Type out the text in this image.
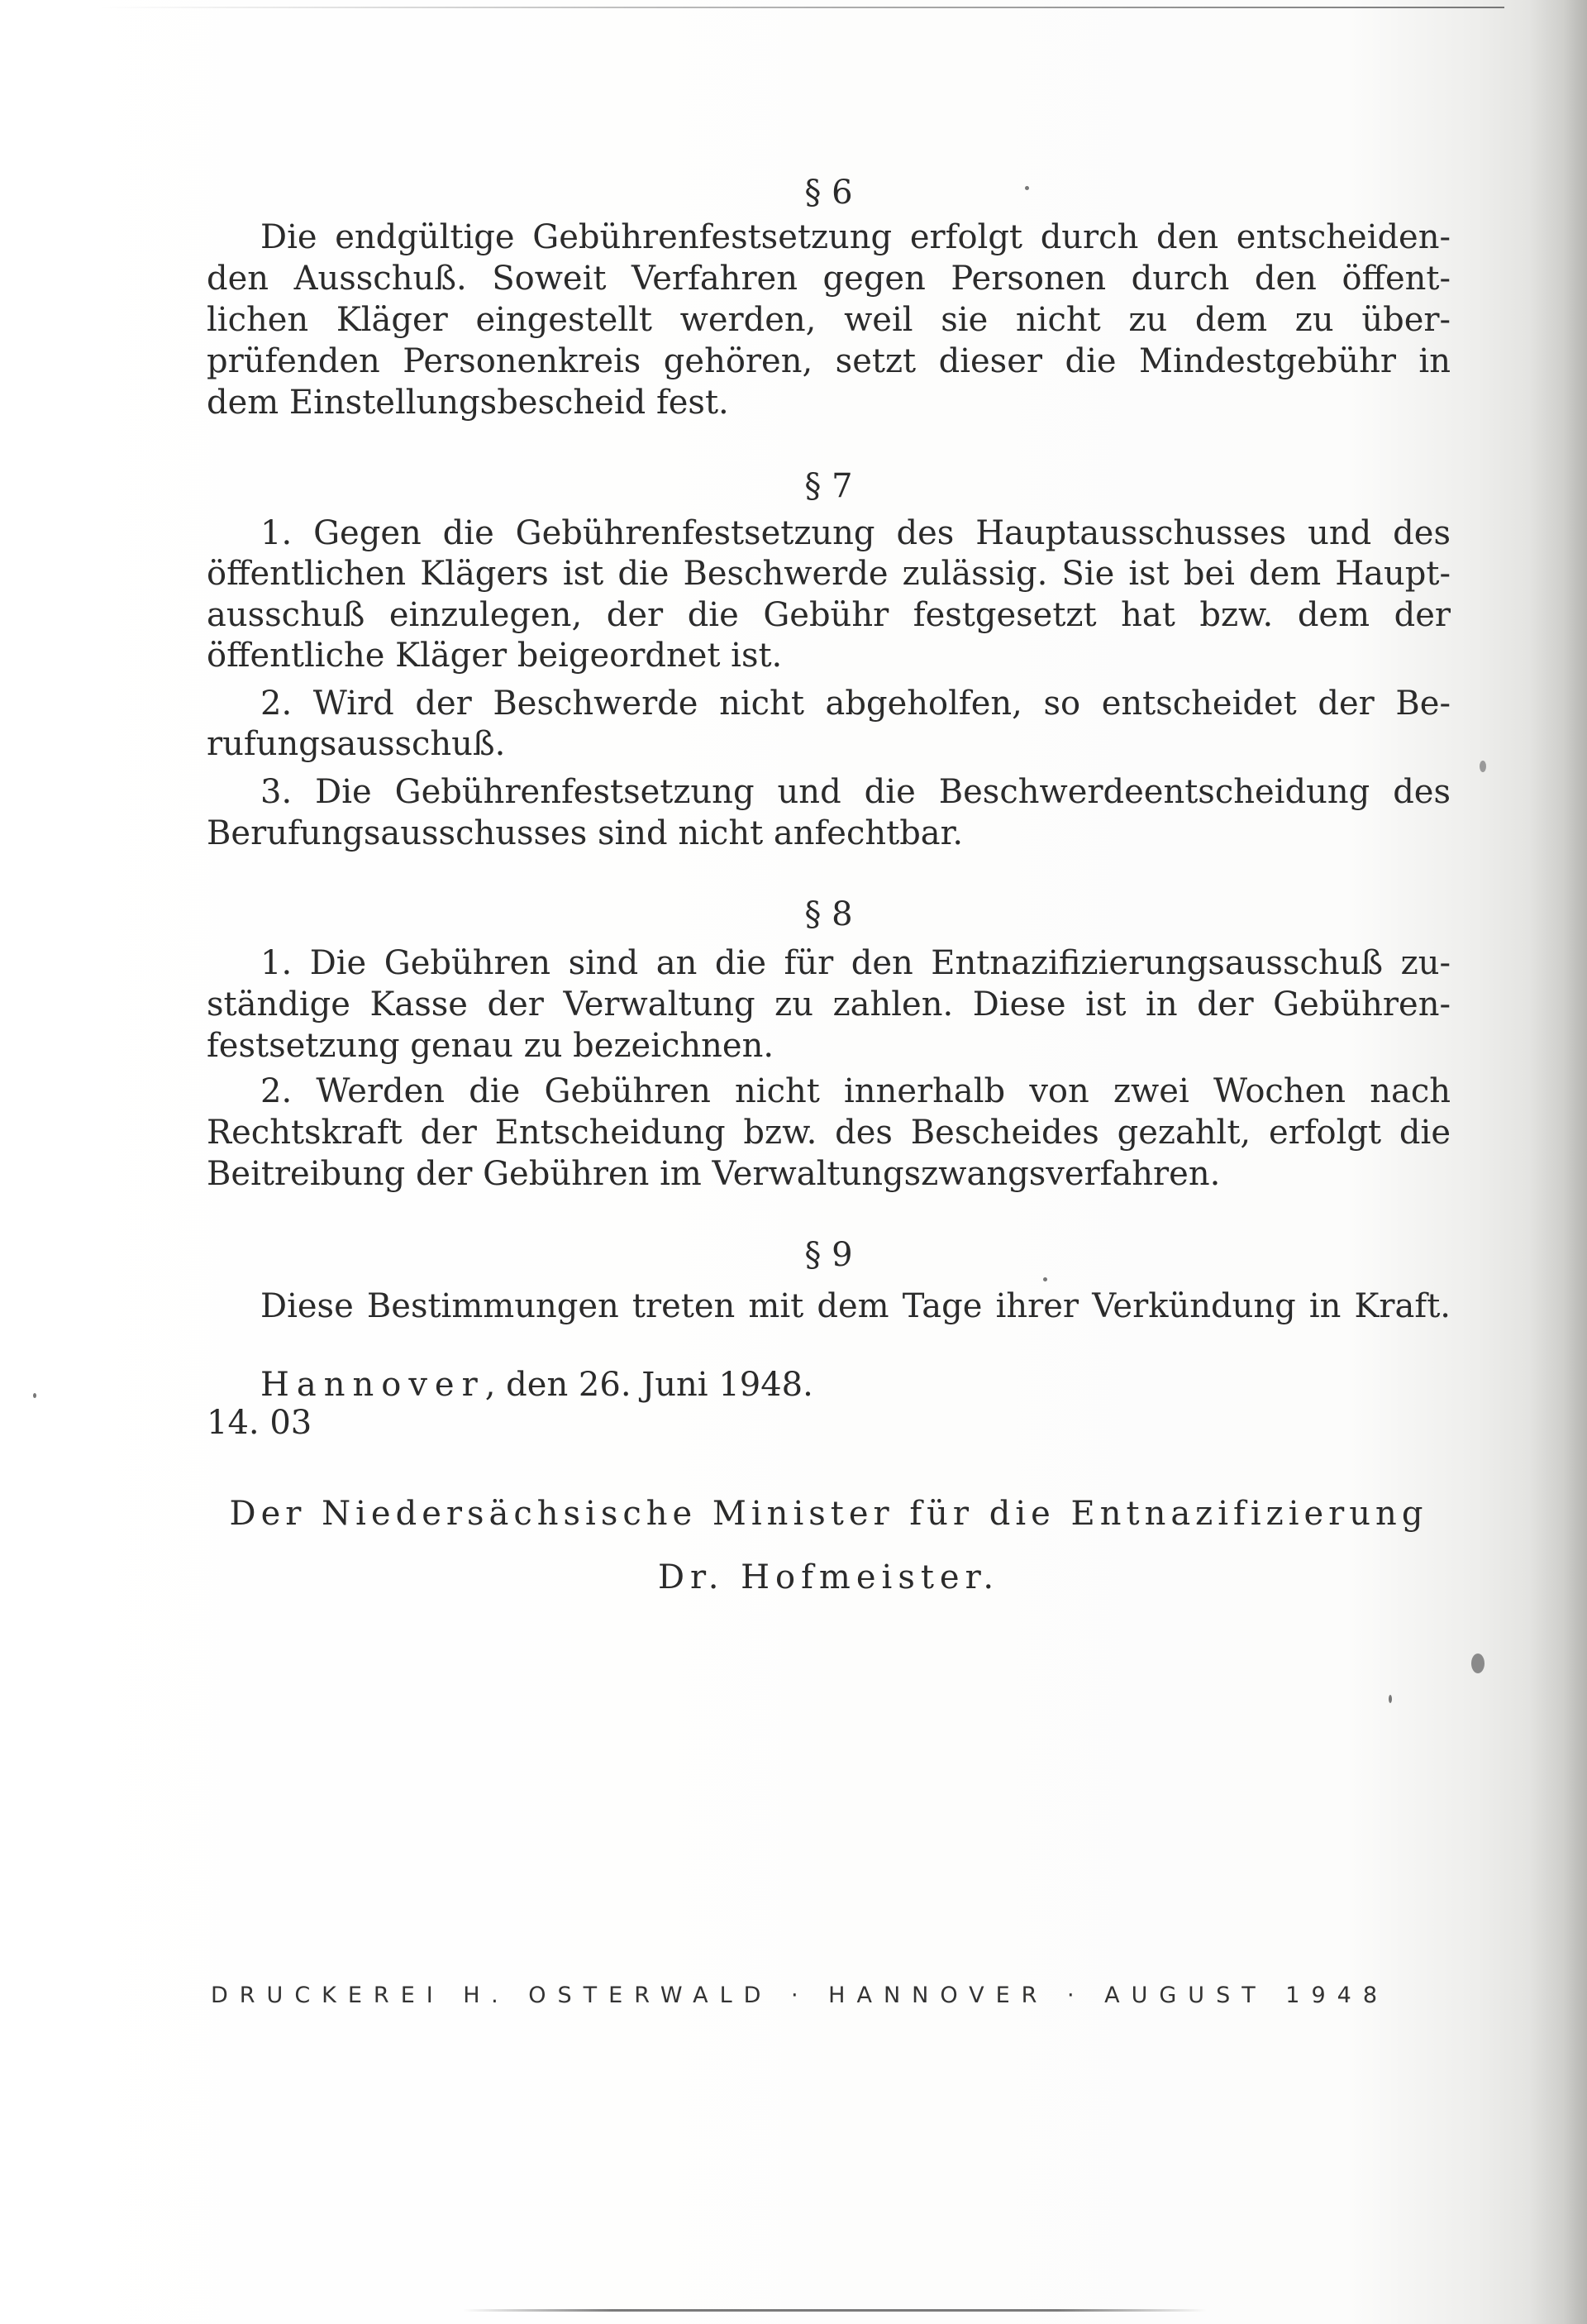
§ 6
Die endgültige Gebührenfestsetzung erfolgt durch den entscheiden-
den Ausschuß. Soweit Verfahren gegen Personen durch den öffent-
lichen Kläger eingestellt werden, weil sie nicht zu dem zu über-
prüfenden Personenkreis gehören, setzt dieser die Mindestgebühr in
dem Einstellungsbescheid fest.
§ 7
1. Gegen die Gebührenfestsetzung des Hauptausschusses und des
öffentlichen Klägers ist die Beschwerde zulässig. Sie ist bei dem Haupt-
ausschuß einzulegen, der die Gebühr festgesetzt hat bzw. dem der
öffentliche Kläger beigeordnet ist.
2. Wird der Beschwerde nicht abgeholfen, so entscheidet der Be-
rufungsausschuß.
3. Die Gebührenfestsetzung und die Beschwerdeentscheidung des
Berufungsausschusses sind nicht anfechtbar.
§ 8
1. Die Gebühren sind an die für den Entnazifizierungsausschuß zu-
ständige Kasse der Verwaltung zu zahlen. Diese ist in der Gebühren-
festsetzung genau zu bezeichnen.
2. Werden die Gebühren nicht innerhalb von zwei Wochen nach
Rechtskraft der Entscheidung bzw. des Bescheides gezahlt, erfolgt die
Beitreibung der Gebühren im Verwaltungszwangsverfahren.
§ 9
Diese Bestimmungen treten mit dem Tage ihrer Verkündung in Kraft.
Hannover, den 26. Juni 1948.
14. 03
Der Niedersächsische Minister für die Entnazifizierung
Dr. Hofmeister.
DRUCKEREI H. OSTERWALD · HANNOVER · AUGUST 1948
